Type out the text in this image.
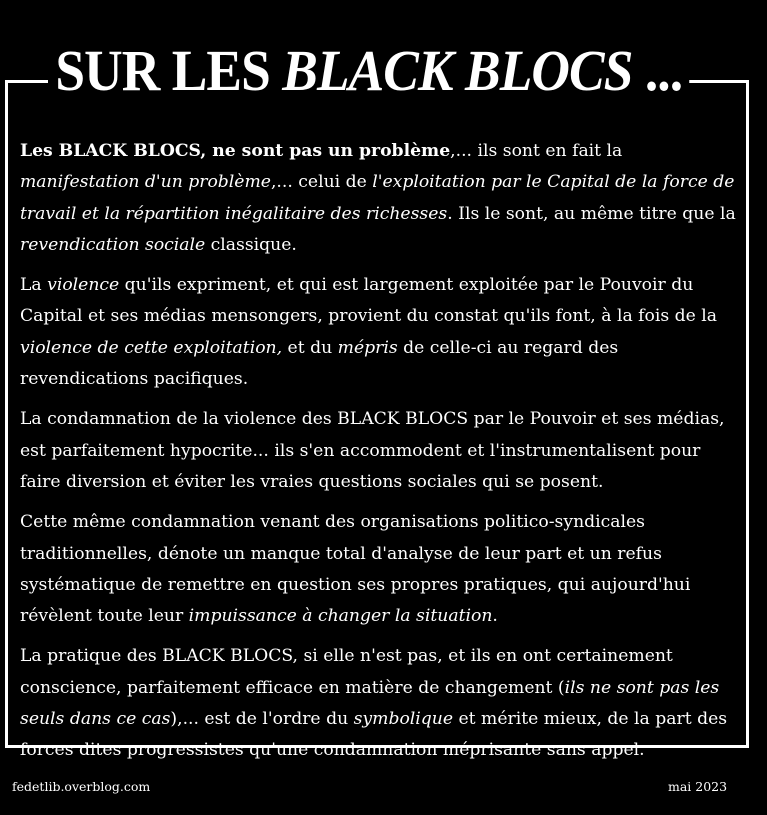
SUR LES BLACK BLOCS ...

Les BLACK BLOCS, ne sont pas un problème,... ils sont en fait la manifestation d'un problème,... celui de l'exploitation par le Capital de la force de travail et la répartition inégalitaire des richesses. Ils le sont, au même titre que la revendication sociale classique.

La violence qu'ils expriment, et qui est largement exploitée par le Pouvoir du Capital et ses médias mensongers, provient du constat qu'ils font, à la fois de la violence de cette exploitation, et du mépris de celle-ci au regard des revendications pacifiques.

La condamnation de la violence des BLACK BLOCS par le Pouvoir et ses médias, est parfaitement hypocrite... ils s'en accommodent et l'instrumentalisent pour faire diversion et éviter les vraies questions sociales qui se posent.

Cette même condamnation venant des organisations politico-syndicales traditionnelles, dénote un manque total d'analyse de leur part et un refus systématique de remettre en question ses propres pratiques, qui aujourd'hui révèlent toute leur impuissance à changer la situation.

La pratique des BLACK BLOCS, si elle n'est pas, et ils en ont certainement conscience, parfaitement efficace en matière de changement (ils ne sont pas les seuls dans ce cas),... est de l'ordre du symbolique et mérite mieux, de la part des forces dites progressistes qu'une condamnation méprisante sans appel.

fedetlib.overblog.com	mai 2023
